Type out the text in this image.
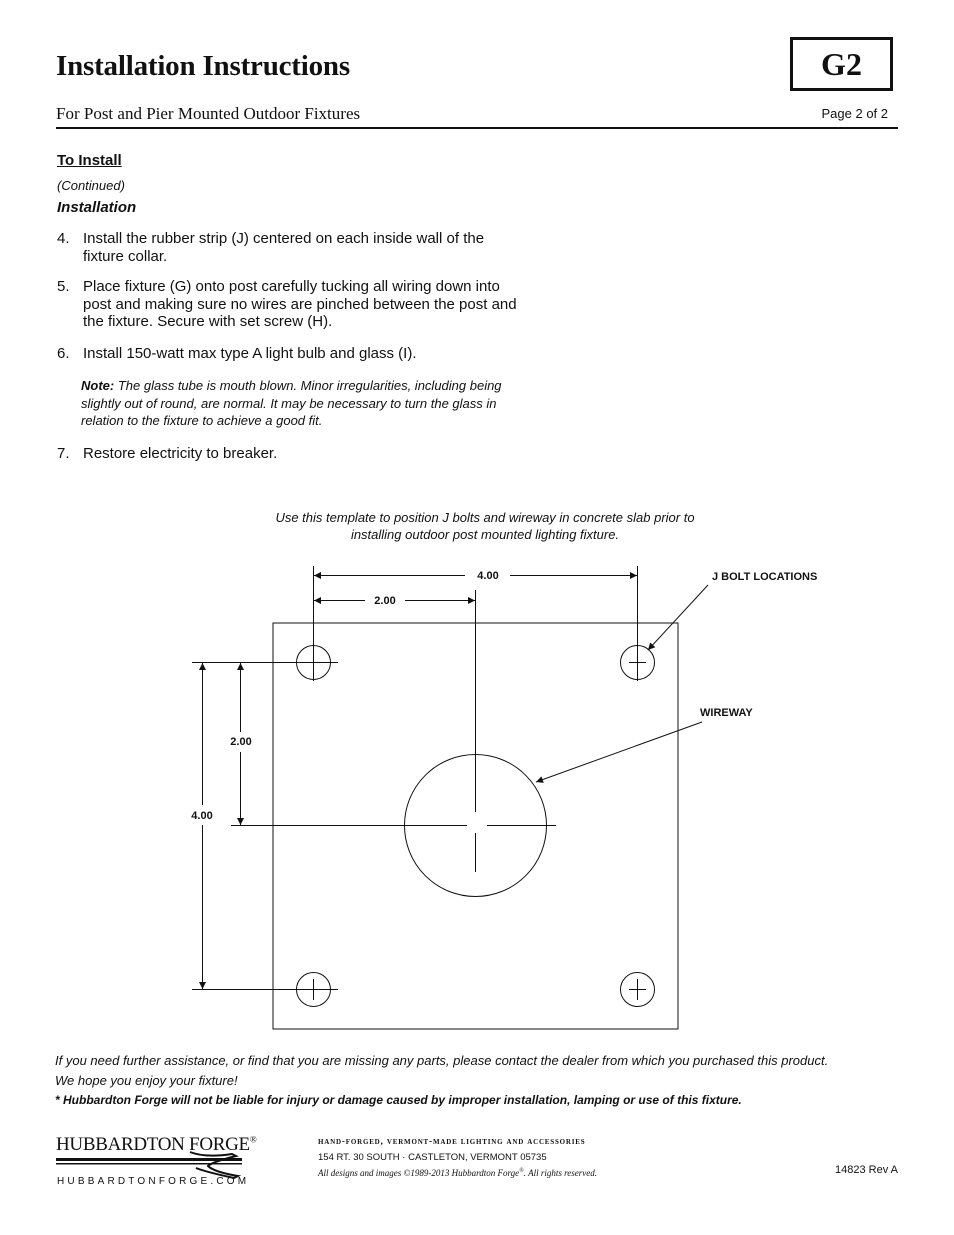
Installation Instructions
For Post and Pier Mounted Outdoor Fixtures
G2
Page 2 of 2
To Install
(Continued)
Installation
4. Install the rubber strip (J) centered on each inside wall of the fixture collar.
5. Place fixture (G) onto post carefully tucking all wiring down into post and making sure no wires are pinched between the post and the fixture. Secure with set screw (H).
6. Install 150-watt max type A light bulb and glass (I).
Note: The glass tube is mouth blown. Minor irregularities, including being slightly out of round, are normal. It may be necessary to turn the glass in relation to the fixture to achieve a good fit.
7. Restore electricity to breaker.
Use this template to position J bolts and wireway in concrete slab prior to
installing outdoor post mounted lighting fixture.
4.00
2.00
2.00
4.00
J BOLT LOCATIONS
WIREWAY
If you need further assistance, or find that you are missing any parts, please contact the dealer from which you purchased this product.
We hope you enjoy your fixture!
* Hubbardton Forge will not be liable for injury or damage caused by improper installation, lamping or use of this fixture.
HUBBARDTON FORGE®
HUBBARDTONFORGE.COM
hand-forged, vermont-made lighting and accessories
154 RT. 30 SOUTH · CASTLETON, VERMONT 05735
All designs and images ©1989-2013 Hubbardton Forge®. All rights reserved.	14823 Rev A
